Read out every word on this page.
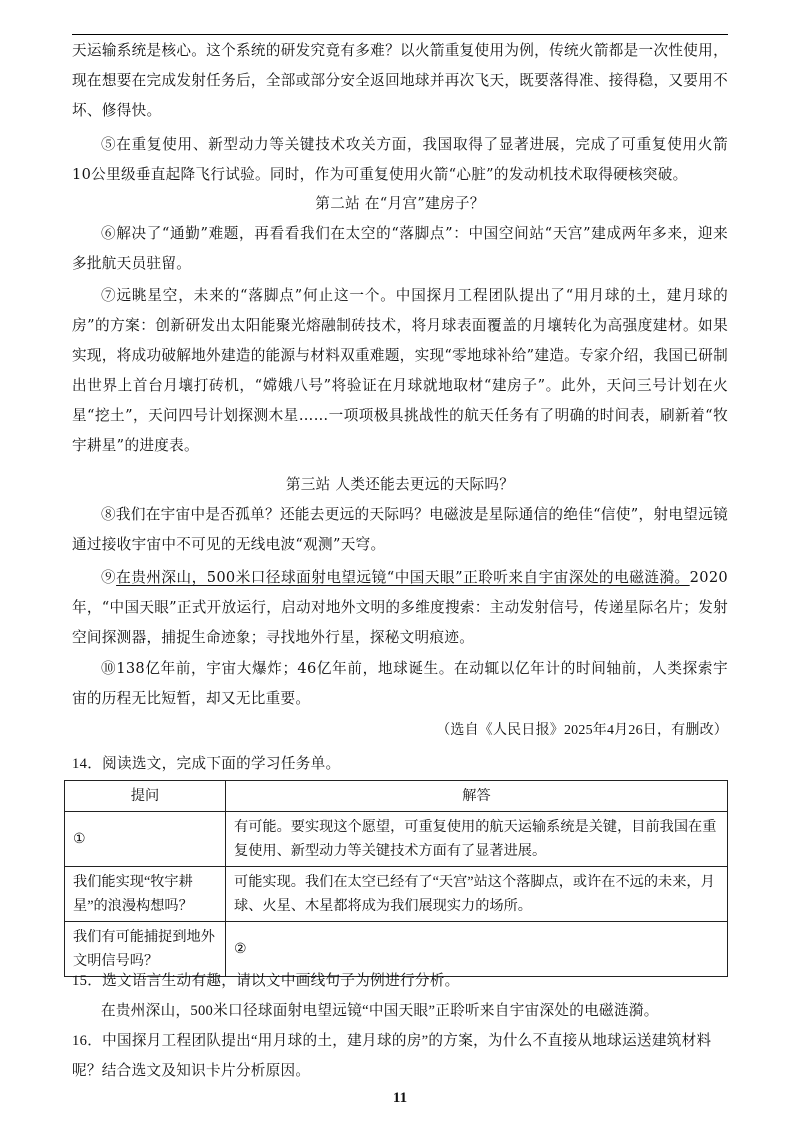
天运输系统是核心。这个系统的研发究竟有多难？以火箭重复使用为例，传统火箭都是一次性使用，现在想要在完成发射任务后，全部或部分安全返回地球并再次飞天，既要落得准、接得稳，又要用不坏、修得快。
⑤在重复使用、新型动力等关键技术攻关方面，我国取得了显著进展，完成了可重复使用火箭10公里级垂直起降飞行试验。同时，作为可重复使用火箭“心脏”的发动机技术取得硬核突破。
第二站 在“月宫”建房子？
⑥解决了“通勤”难题，再看看我们在太空的“落脚点”：中国空间站“天宫”建成两年多来，迎来多批航天员驻留。
⑦远眺星空，未来的“落脚点”何止这一个。中国探月工程团队提出了“用月球的土，建月球的房”的方案：创新研发出太阳能聚光熔融制砖技术，将月球表面覆盖的月壤转化为高强度建材。如果实现，将成功破解地外建造的能源与材料双重难题，实现“零地球补给”建造。专家介绍，我国已研制出世界上首台月壤打砖机，“嫦娥八号”将验证在月球就地取材“建房子”。此外，天问三号计划在火星“挖土”，天问四号计划探测木星……一项项极具挑战性的航天任务有了明确的时间表，刷新着“牧宇耕星”的进度表。
第三站 人类还能去更远的天际吗？
⑧我们在宇宙中是否孤单？还能去更远的天际吗？电磁波是星际通信的绝佳“信使”，射电望远镜通过接收宇宙中不可见的无线电波“观测”天穹。
⑨在贵州深山，500米口径球面射电望远镜“中国天眼”正聆听来自宇宙深处的电磁涟漪。2020年，“中国天眼”正式开放运行，启动对地外文明的多维度搜索：主动发射信号，传递星际名片；发射空间探测器，捕捉生命迹象；寻找地外行星，探秘文明痕迹。
⑩138亿年前，宇宙大爆炸；46亿年前，地球诞生。在动辄以亿年计的时间轴前，人类探索宇宙的历程无比短暂，却又无比重要。
（选自《人民日报》2025年4月26日，有删改）
14．阅读选文，完成下面的学习任务单。
提问	解答
①	有可能。要实现这个愿望，可重复使用的航天运输系统是关键，目前我国在重复使用、新型动力等关键技术方面有了显著进展。
我们能实现“牧宇耕星”的浪漫构想吗？	可能实现。我们在太空已经有了“天宫”站这个落脚点，或许在不远的未来，月球、火星、木星都将成为我们展现实力的场所。
我们有可能捕捉到地外文明信号吗？	②
15．选文语言生动有趣，请以文中画线句子为例进行分析。
在贵州深山，500米口径球面射电望远镜“中国天眼”正聆听来自宇宙深处的电磁涟漪。
16．中国探月工程团队提出“用月球的土，建月球的房”的方案，为什么不直接从地球运送建筑材料呢？结合选文及知识卡片分析原因。
11
